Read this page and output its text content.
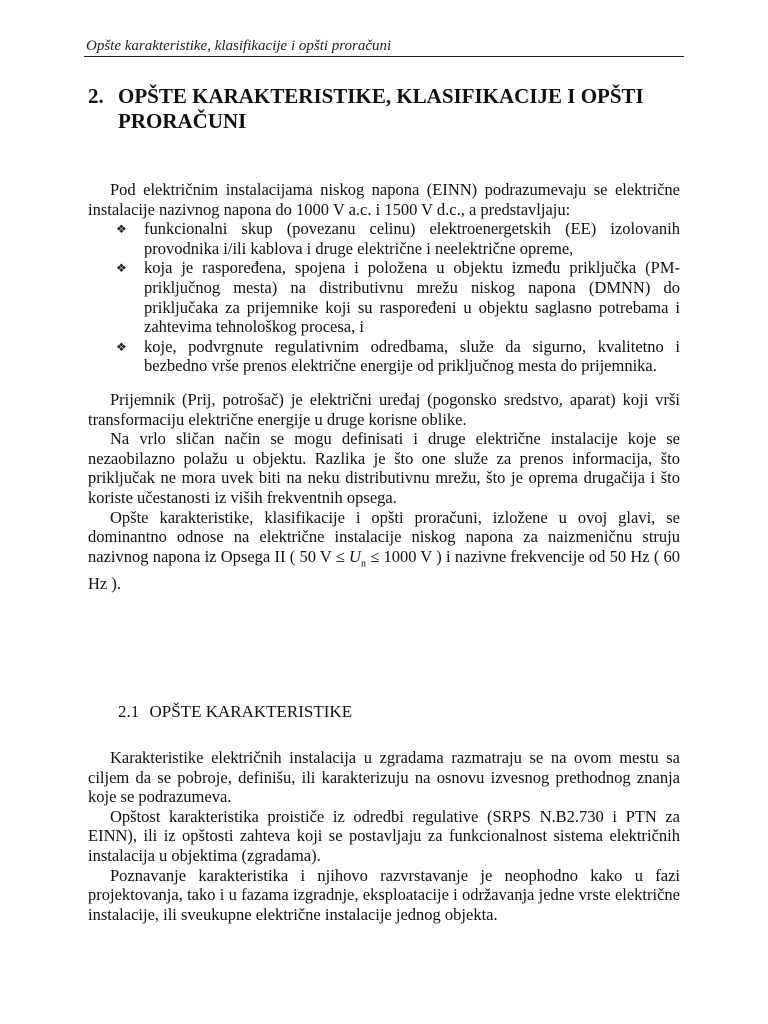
Opšte karakteristike, klasifikacije i opšti proračuni
2. OPŠTE KARAKTERISTIKE, KLASIFIKACIJE I OPŠTI PRORAČUNI

Pod električnim instalacijama niskog napona (EINN) podrazumevaju se električne instalacije nazivnog napona do 1000 V a.c. i 1500 V d.c., a predstavljaju:

❖ funkcionalni skup (povezanu celinu) elektroenergetskih (EE) izolovanih provodnika i/ili kablova i druge električne i neelektrične opreme,
❖ koja je raspoređena, spojena i položena u objektu između priključka (PM-priključnog mesta) na distributivnu mrežu niskog napona (DMNN) do priključaka za prijemnike koji su raspoređeni u objektu saglasno potrebama i zahtevima tehnološkog procesa, i
❖ koje, podvrgnute regulativnim odredbama, služe da sigurno, kvalitetno i bezbedno vrše prenos električne energije od priključnog mesta do prijemnika.

Prijemnik (Prij, potrošač) je električni uređaj (pogonsko sredstvo, aparat) koji vrši transformaciju električne energije u druge korisne oblike.

Na vrlo sličan način se mogu definisati i druge električne instalacije koje se nezaobilazno polažu u objektu. Razlika je što one služe za prenos informacija, što priključak ne mora uvek biti na neku distributivnu mrežu, što je oprema drugačija i što koriste učestanosti iz viših frekventnih opsega.

Opšte karakteristike, klasifikacije i opšti proračuni, izložene u ovoj glavi, se dominantno odnose na električne instalacije niskog napona za naizmeničnu struju nazivnog napona iz Opsega II ( 50 $V \le U_n \le 1000$ V ) i nazivne frekvencije od 50 Hz ( 60 Hz ).

2.1 OPŠTE KARAKTERISTIKE

Karakteristike električnih instalacija u zgradama razmatraju se na ovom mestu sa ciljem da se pobroje, definišu, ili karakterizuju na osnovu izvesnog prethodnog znanja koje se podrazumeva.

Opštost karakteristika proističe iz odredbi regulative (SRPS N.B2.730 i PTN za EINN), ili iz opštosti zahteva koji se postavljaju za funkcionalnost sistema električnih instalacija u objektima (zgradama).

Poznavanje karakteristika i njihovo razvrstavanje je neophodno kako u fazi projektovanja, tako i u fazama izgradnje, eksploatacije i održavanja jedne vrste električne instalacije, ili sveukupne električne instalacije jednog objekta.
